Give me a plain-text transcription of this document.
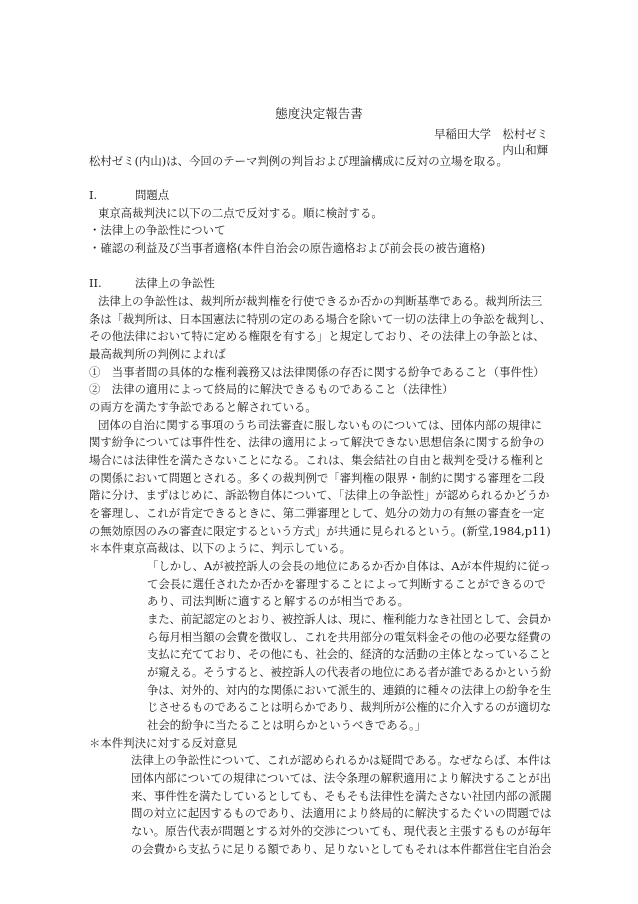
態度決定報告書
早稲田大学　松村ゼミ
内山和輝
松村ゼミ(内山)は、今回のテーマ判例の判旨および理論構成に反対の立場を取る。
I.	問題点
東京高裁判決に以下の二点で反対する。順に検討する。
・法律上の争訟性について
・確認の利益及び当事者適格(本件自治会の原告適格および前会長の被告適格)
II.	法律上の争訟性
法律上の争訟性は、裁判所が裁判権を行使できるか否かの判断基準である。裁判所法三
条は「裁判所は、日本国憲法に特別の定のある場合を除いて一切の法律上の争訟を裁判し、
その他法律において特に定める権限を有する」と規定しており、その法律上の争訟とは、
最高裁判所の判例によれば
①　当事者間の具体的な権利義務又は法律関係の存否に関する紛争であること（事件性）
②　法律の適用によって終局的に解決できるものであること（法律性）
の両方を満たす争訟であると解されている。
団体の自治に関する事項のうち司法審査に服しないものについては、団体内部の規律に
関す紛争については事件性を、法律の適用によって解決できない思想信条に関する紛争の
場合には法律性を満たさないことになる。これは、集会結社の自由と裁判を受ける権利と
の関係において問題とされる。多くの裁判例で「審判権の限界・制約に関する審理を二段
階に分け、まずはじめに、訴訟物自体について、「法律上の争訟性」が認められるかどうか
を審理し、これが肯定できるときに、第二弾審理として、処分の効力の有無の審査を一定
の無効原因のみの審査に限定するという方式」が共通に見られるという。(新堂,1984,p11)
＊本件東京高裁は、以下のように、判示している。
「しかし、Aが被控訴人の会長の地位にあるか否か自体は、Aが本件規約に従っ
て会長に選任されたか否かを審理することによって判断することができるので
あり、司法判断に適すると解するのが相当である。
また、前記認定のとおり、被控訴人は、現に、権利能力なき社団として、会員か
ら毎月相当額の会費を徴収し、これを共用部分の電気料金その他の必要な経費の
支払に充てており、その他にも、社会的、経済的な活動の主体となっていること
が窺える。そうすると、被控訴人の代表者の地位にある者が誰であるかという紛
争は、対外的、対内的な関係において派生的、連鎖的に種々の法律上の紛争を生
じさせるものであることは明らかであり、裁判所が公権的に介入するのが適切な
社会的紛争に当たることは明らかというべきである。」
＊本件判決に対する反対意見
法律上の争訟性について、これが認められるかは疑問である。なぜならば、本件は
団体内部についての規律については、法令条理の解釈適用により解決することが出
来、事件性を満たしているとしても、そもそも法律性を満たさない社団内部の派閥
間の対立に起因するものであり、法適用により終局的に解決するたぐいの問題では
ない。原告代表が問題とする対外的交渉についても、現代表と主張するものが毎年
の会費から支払うに足りる額であり、足りないとしてもそれは本件都営住宅自治会
